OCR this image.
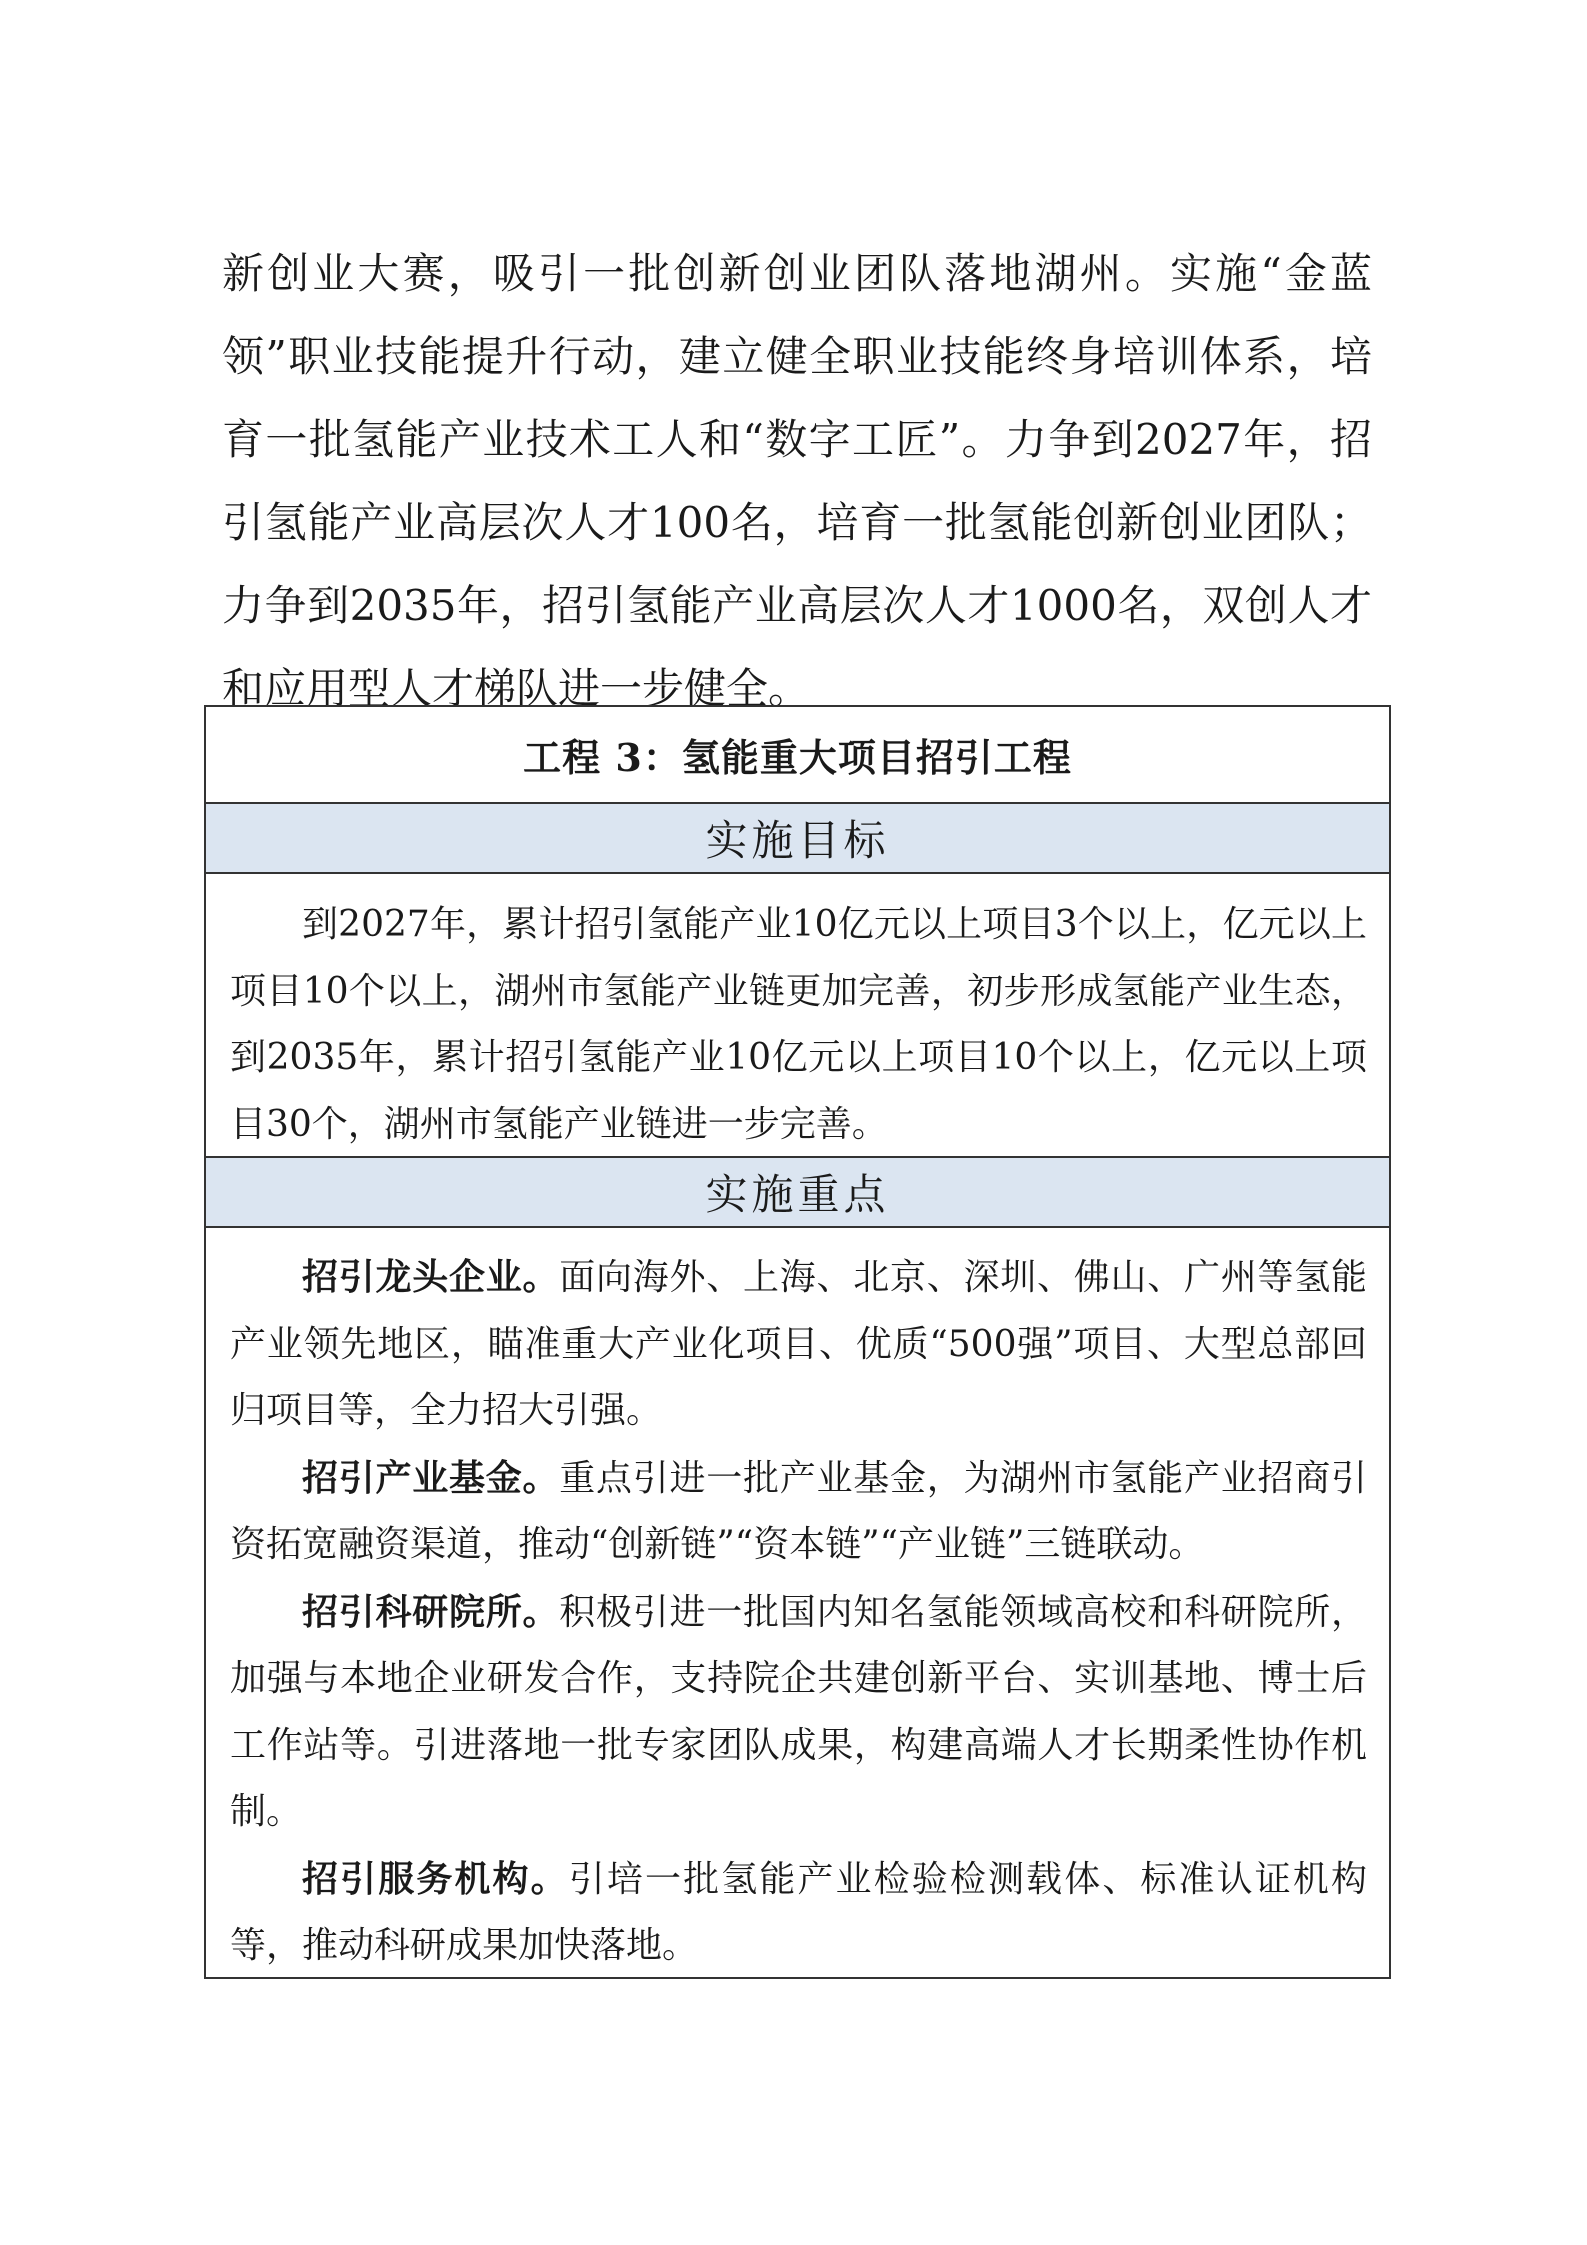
新创业大赛，吸引一批创新创业团队落地湖州。实施“金蓝领”职业技能提升行动，建立健全职业技能终身培训体系，培育一批氢能产业技术工人和“数字工匠”。力争到2027年，招引氢能产业高层次人才100名，培育一批氢能创新创业团队；力争到2035年，招引氢能产业高层次人才1000名，双创人才和应用型人才梯队进一步健全。

工程 3：氢能重大项目招引工程
实施目标

到2027年，累计招引氢能产业10亿元以上项目3个以上，亿元以上项目10个以上，湖州市氢能产业链更加完善，初步形成氢能产业生态，到2035年，累计招引氢能产业10亿元以上项目10个以上，亿元以上项目30个，湖州市氢能产业链进一步完善。

实施重点

招引龙头企业。面向海外、上海、北京、深圳、佛山、广州等氢能产业领先地区，瞄准重大产业化项目、优质“500强”项目、大型总部回归项目等，全力招大引强。

招引产业基金。重点引进一批产业基金，为湖州市氢能产业招商引资拓宽融资渠道，推动“创新链”“资本链”“产业链”三链联动。

招引科研院所。积极引进一批国内知名氢能领域高校和科研院所，加强与本地企业研发合作，支持院企共建创新平台、实训基地、博士后工作站等。引进落地一批专家团队成果，构建高端人才长期柔性协作机制。

招引服务机构。引培一批氢能产业检验检测载体、标准认证机构等，推动科研成果加快落地。
